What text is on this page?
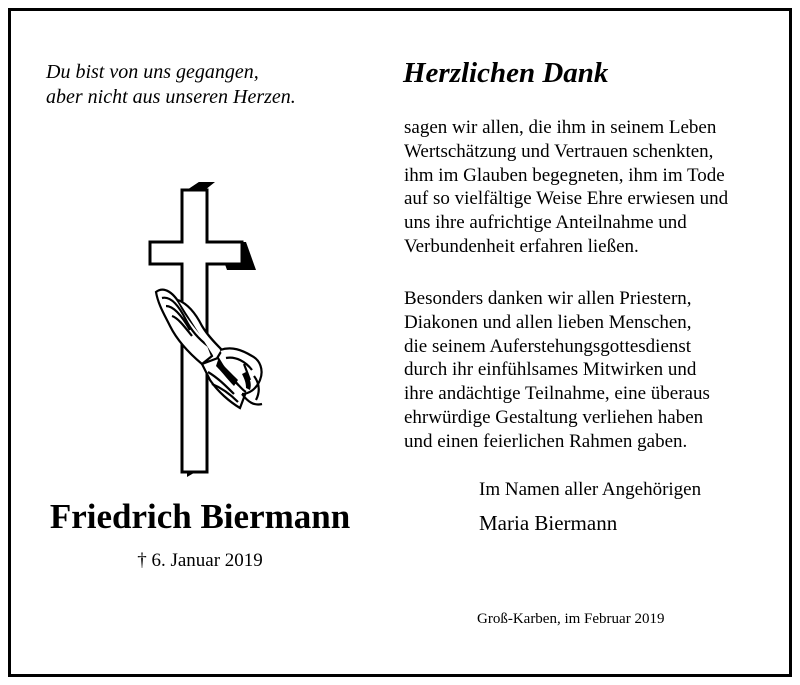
Du bist von uns gegangen,

aber nicht aus unseren Herzen.

Friedrich Biermann
† 6. Januar 2019
Herzlichen Dank

sagen wir allen, die ihm in seinem Leben

Wertschätzung und Vertrauen schenkten,

ihm im Glauben begegneten, ihm im Tode

auf so vielfältige Weise Ehre erwiesen und

uns ihre aufrichtige Anteilnahme und

Verbundenheit erfahren ließen.

Besonders danken wir allen Priestern,

Diakonen und allen lieben Menschen,

die seinem Auferstehungsgottesdienst

durch ihr einfühlsames Mitwirken und

ihre andächtige Teilnahme, eine überaus

ehrwürdige Gestaltung verliehen haben

und einen feierlichen Rahmen gaben.

Im Namen aller Angehörigen
Maria Biermann
Groß-Karben, im Februar 2019
